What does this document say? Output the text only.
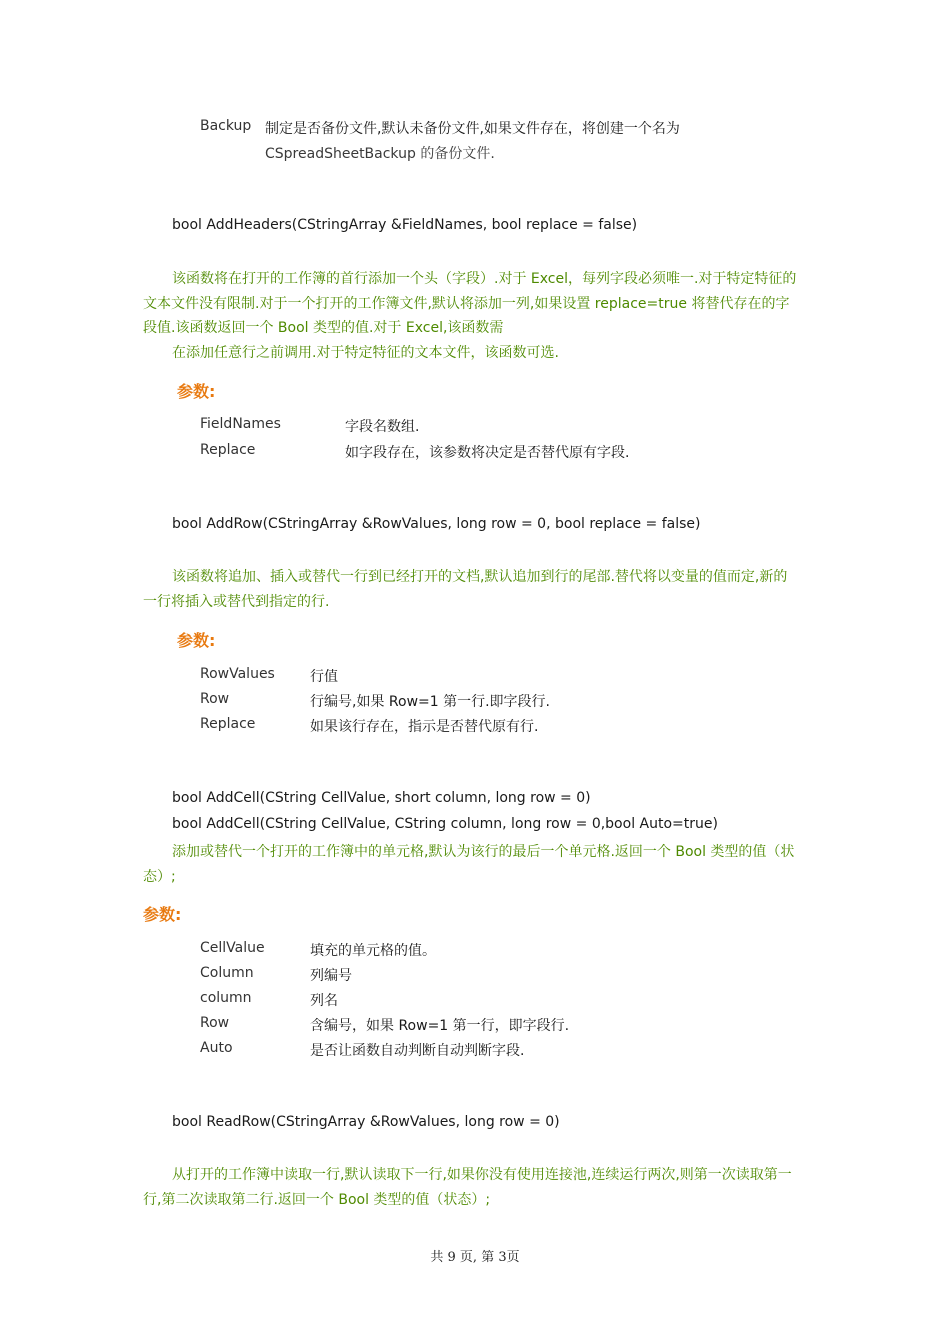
Backup 制定是否备份文件,默认未备份文件,如果文件存在，将创建一个名为
CSpreadSheetBackup 的备份文件.
bool AddHeaders(CStringArray &FieldNames, bool replace = false)
该函数将在打开的工作簿的首行添加一个头（字段）.对于 Excel，每列字段必须唯一.对于特定特征的
文本文件没有限制.对于一个打开的工作簿文件,默认将添加一列,如果设置 replace=true 将替代存在的字
段值.该函数返回一个 Bool 类型的值.对于 Excel,该函数需
在添加任意行之前调用.对于特定特征的文本文件，该函数可选.
参数:
FieldNames	字段名数组.
Replace	如字段存在，该参数将决定是否替代原有字段.
bool AddRow(CStringArray &RowValues, long row = 0, bool replace = false)
该函数将追加、插入或替代一行到已经打开的文档,默认追加到行的尾部.替代将以变量的值而定,新的
一行将插入或替代到指定的行.
参数:
RowValues	行值
Row	行编号,如果 Row=1 第一行.即字段行.
Replace	如果该行存在，指示是否替代原有行.
bool AddCell(CString CellValue, short column, long row = 0)
bool AddCell(CString CellValue, CString column, long row = 0,bool Auto=true)
添加或替代一个打开的工作簿中的单元格,默认为该行的最后一个单元格.返回一个 Bool 类型的值（状
态）;
参数:
CellValue	填充的单元格的值。
Column	列编号
column	列名
Row	含编号，如果 Row=1 第一行，即字段行.
Auto	是否让函数自动判断自动判断字段.
bool ReadRow(CStringArray &RowValues, long row = 0)
从打开的工作簿中读取一行,默认读取下一行,如果你没有使用连接池,连续运行两次,则第一次读取第一
行,第二次读取第二行.返回一个 Bool 类型的值（状态）;
共 9 页, 第 3页
